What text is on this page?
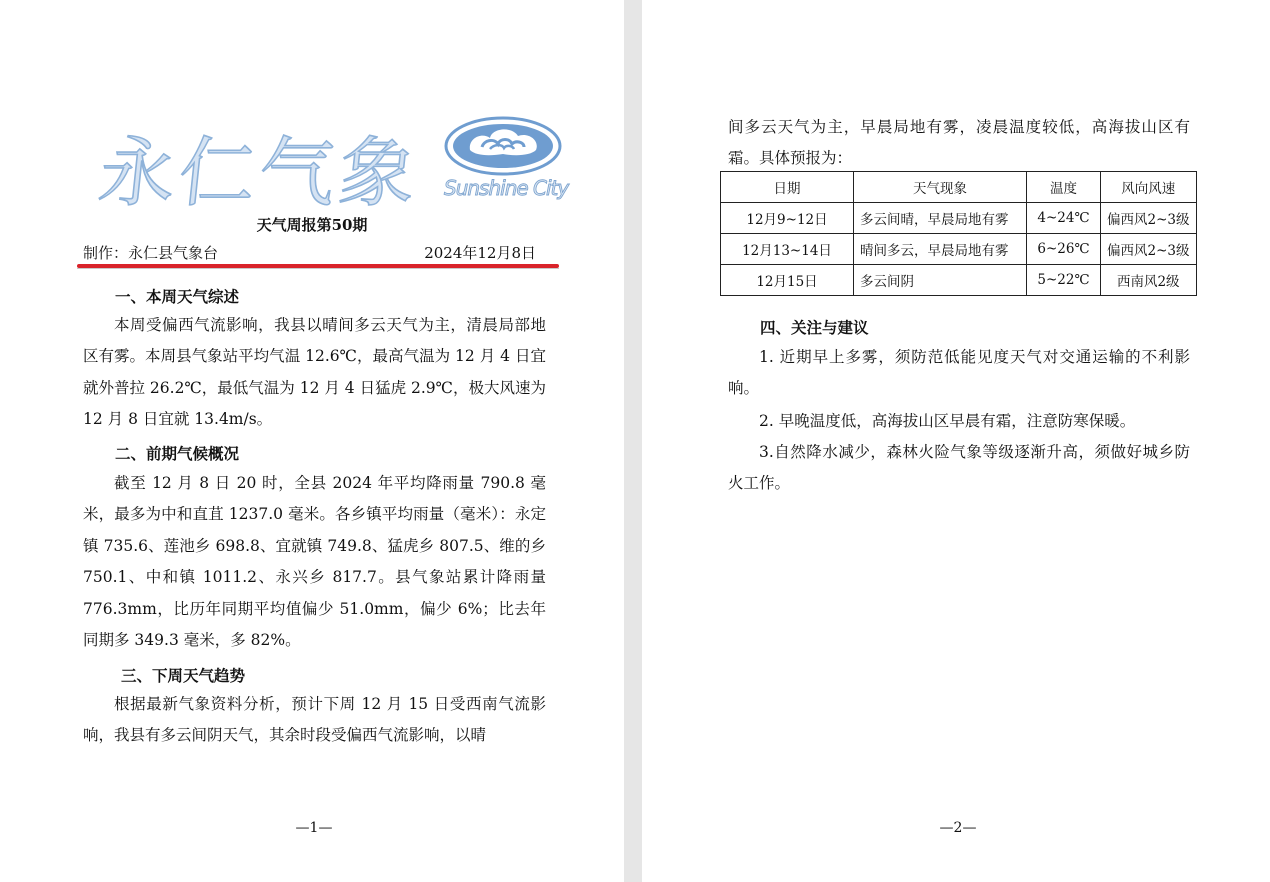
永仁气象 Sunshine City
天气周报第50期
制作：永仁县气象台	2024年12月8日
一、本周天气综述

本周受偏西气流影响，我县以晴间多云天气为主，清晨局部地区有雾。本周县气象站平均气温 12.6℃，最高气温为 12 月 4 日宜就外普拉 26.2℃，最低气温为 12 月 4 日猛虎 2.9℃，极大风速为 12 月 8 日宜就 13.4m/s。

二、前期气候概况

截至 12 月 8 日 20 时，全县 2024 年平均降雨量 790.8 毫米，最多为中和直苴 1237.0 毫米。各乡镇平均雨量（毫米）：永定镇 735.6、莲池乡 698.8、宜就镇 749.8、猛虎乡 807.5、维的乡 750.1、中和镇 1011.2、永兴乡 817.7。县气象站累计降雨量 776.3mm，比历年同期平均值偏少 51.0mm，偏少 6%；比去年同期多 349.3 毫米，多 82%。

三、下周天气趋势

根据最新气象资料分析，预计下周 12 月 15 日受西南气流影响，我县有多云间阴天气，其余时段受偏西气流影响，以晴

—1—

间多云天气为主，早晨局地有雾，凌晨温度较低，高海拔山区有霜。具体预报为：

日期	天气现象	温度	风向风速
12月9~12日	多云间晴，早晨局地有雾	4~24℃	偏西风2~3级
12月13~14日	晴间多云，早晨局地有雾	6~26℃	偏西风2~3级
12月15日	多云间阴	5~22℃	西南风2级
四、关注与建议

1. 近期早上多雾，须防范低能见度天气对交通运输的不利影响。

2. 早晚温度低，高海拔山区早晨有霜，注意防寒保暖。

3.自然降水减少，森林火险气象等级逐渐升高，须做好城乡防火工作。

—2—
